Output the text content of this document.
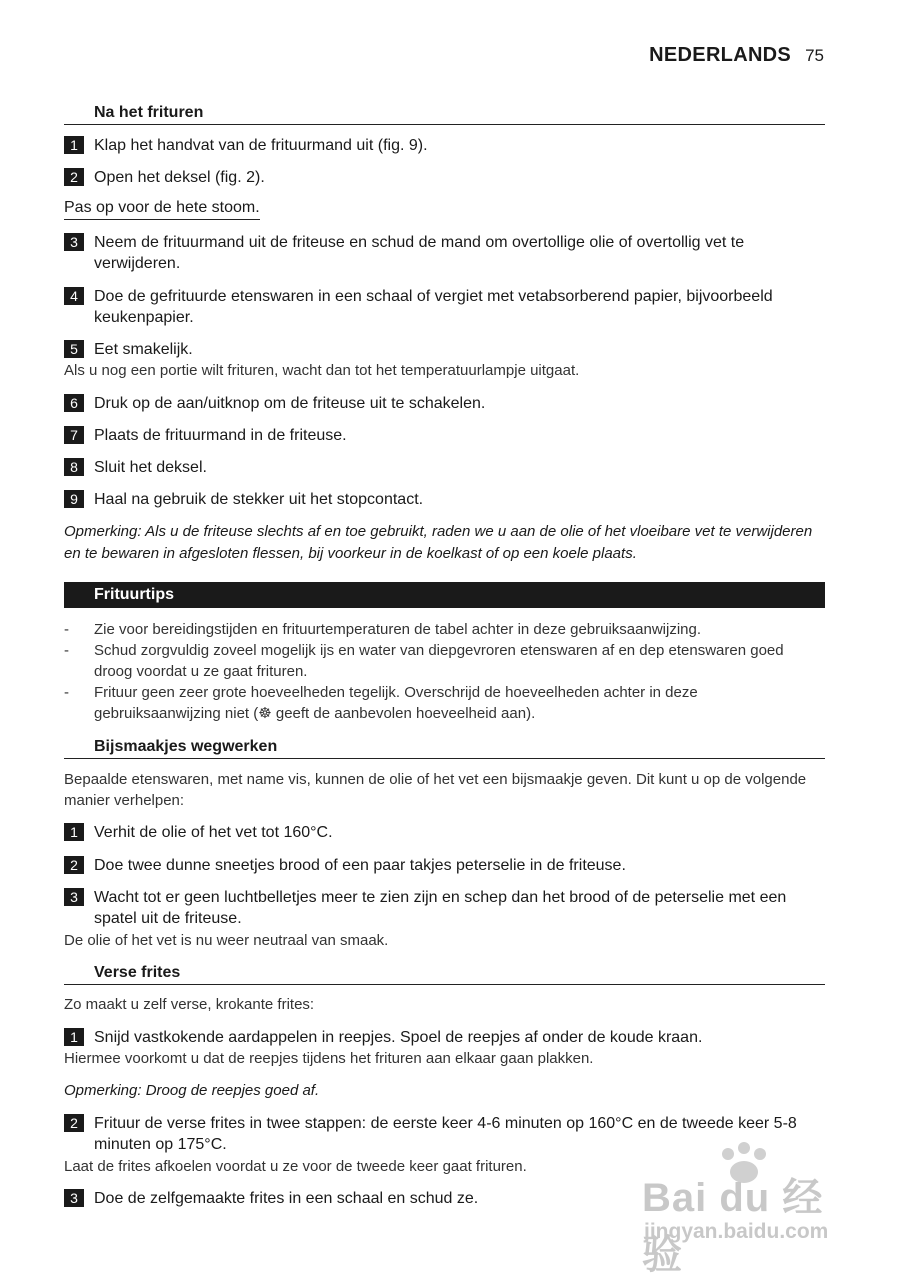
NEDERLANDS 75
Na het frituren
1	Klap het handvat van de frituurmand uit (fig. 9).
2	Open het deksel (fig. 2).
Pas op voor de hete stoom.
3	Neem de frituurmand uit de friteuse en schud de mand om overtollige olie of overtollig vet te verwijderen.
4	Doe de gefrituurde etenswaren in een schaal of vergiet met vetabsorberend papier, bijvoorbeeld keukenpapier.
5	Eet smakelijk.
Als u nog een portie wilt frituren, wacht dan tot het temperatuurlampje uitgaat.
6	Druk op de aan/uitknop om de friteuse uit te schakelen.
7	Plaats de frituurmand in de friteuse.
8	Sluit het deksel.
9	Haal na gebruik de stekker uit het stopcontact.
Opmerking: Als u de friteuse slechts af en toe gebruikt, raden we u aan de olie of het vloeibare vet te verwijderen en te bewaren in afgesloten flessen, bij voorkeur in de koelkast of op een koele plaats.
Frituurtips
- Zie voor bereidingstijden en frituurtemperaturen de tabel achter in deze gebruiksaanwijzing.
- Schud zorgvuldig zoveel mogelijk ijs en water van diepgevroren etenswaren af en dep etenswaren goed droog voordat u ze gaat frituren.
- Frituur geen zeer grote hoeveelheden tegelijk. Overschrijd de hoeveelheden achter in deze gebruiksaanwijzing niet (☸ geeft de aanbevolen hoeveelheid aan).
Bijsmaakjes wegwerken
Bepaalde etenswaren, met name vis, kunnen de olie of het vet een bijsmaakje geven. Dit kunt u op de volgende manier verhelpen:
1	Verhit de olie of het vet tot 160°C.
2	Doe twee dunne sneetjes brood of een paar takjes peterselie in de friteuse.
3	Wacht tot er geen luchtbelletjes meer te zien zijn en schep dan het brood of de peterselie met een spatel uit de friteuse.
De olie of het vet is nu weer neutraal van smaak.
Verse frites
Zo maakt u zelf verse, krokante frites:
1	Snijd vastkokende aardappelen in reepjes. Spoel de reepjes af onder de koude kraan.
Hiermee voorkomt u dat de reepjes tijdens het frituren aan elkaar gaan plakken.
Opmerking: Droog de reepjes goed af.
2	Frituur de verse frites in twee stappen: de eerste keer 4-6 minuten op 160°C en de tweede keer 5-8 minuten op 175°C.
Laat de frites afkoelen voordat u ze voor de tweede keer gaat frituren.
3	Doe de zelfgemaakte frites in een schaal en schud ze.	Bai du 经验
jingyan.baidu.com
